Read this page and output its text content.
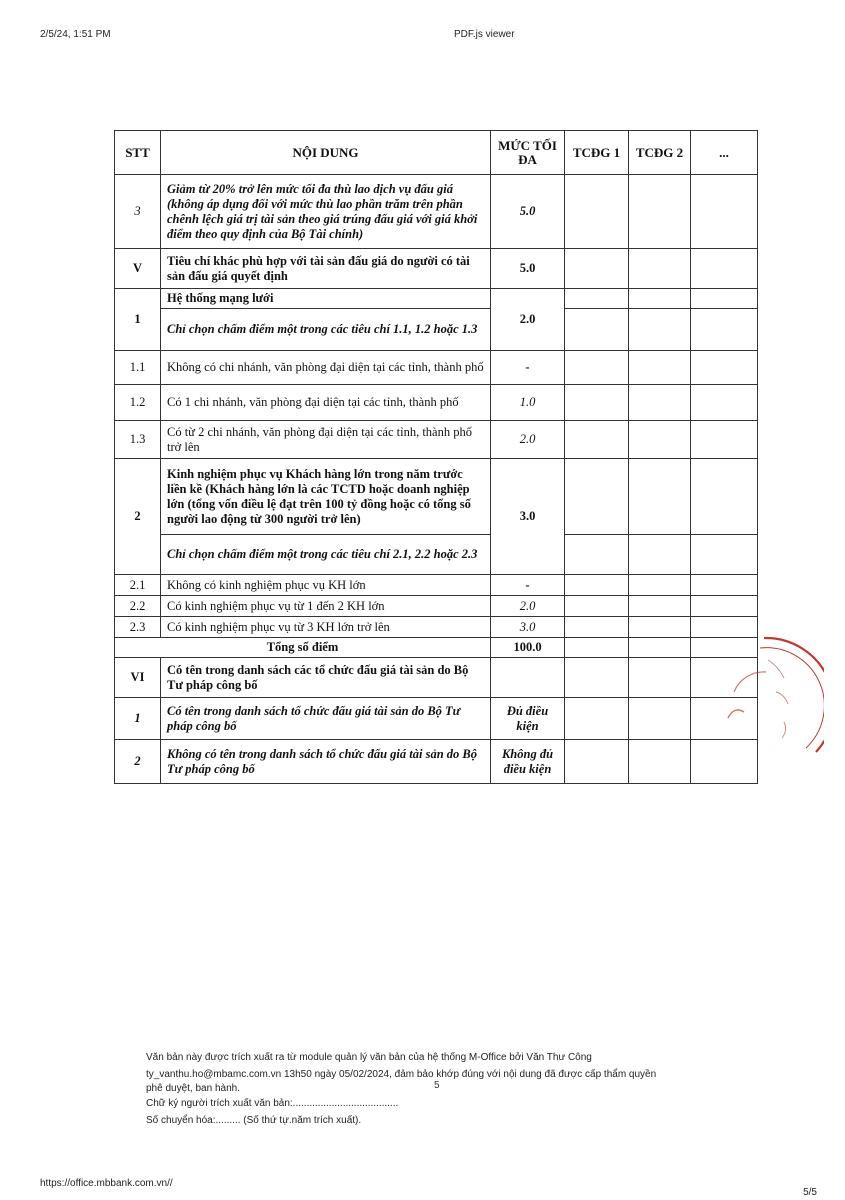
2/5/24, 1:51 PM	PDF.js viewer
STT	NỘI DUNG	MỨC TỐI ĐA	TCĐG 1	TCĐG 2	...
3	Giảm từ 20% trở lên mức tối đa thù lao dịch vụ đấu giá (không áp dụng đối với mức thù lao phần trăm trên phần chênh lệch giá trị tài sản theo giá trúng đấu giá với giá khởi điểm theo quy định của Bộ Tài chính)	5.0			
V	Tiêu chí khác phù hợp với tài sản đấu giá do người có tài sản đấu giá quyết định	5.0			
1	Hệ thống mạng lưới	2.0			
	Chỉ chọn chấm điểm một trong các tiêu chí 1.1, 1.2 hoặc 1.3				
1.1	Không có chi nhánh, văn phòng đại diện tại các tỉnh, thành phố	-			
1.2	Có 1 chi nhánh, văn phòng đại diện tại các tỉnh, thành phố	1.0			
1.3	Có từ 2 chi nhánh, văn phòng đại diện tại các tỉnh, thành phố trở lên	2.0			
2	Kinh nghiệm phục vụ Khách hàng lớn trong năm trước liền kề (Khách hàng lớn là các TCTD hoặc doanh nghiệp lớn (tổng vốn điều lệ đạt trên 100 tỷ đồng hoặc có tổng số người lao động từ 300 người trở lên)	3.0			
	Chỉ chọn chấm điểm một trong các tiêu chí 2.1, 2.2 hoặc 2.3				
2.1	Không có kinh nghiệm phục vụ KH lớn	-			
2.2	Có kinh nghiệm phục vụ từ 1 đến 2 KH lớn	2.0			
2.3	Có kinh nghiệm phục vụ từ 3 KH lớn trở lên	3.0			
Tổng số điểm		100.0			
VI	Có tên trong danh sách các tổ chức đấu giá tài sản do Bộ Tư pháp công bố				
1	Có tên trong danh sách tổ chức đấu giá tài sản do Bộ Tư pháp công bố	Đủ điều kiện			
2	Không có tên trong danh sách tổ chức đấu giá tài sản do Bộ Tư pháp công bố	Không đủ điều kiện			
5
Văn bản này được trích xuất ra từ module quản lý văn bản của hệ thống M-Office bởi Văn Thư Công
ty_vanthu.ho@mbamc.com.vn 13h50 ngày 05/02/2024, đảm bảo khớp đúng với nội dung đã được cấp thẩm quyền
phê duyệt, ban hành.
Chữ ký người trích xuất văn bản:......................................
Số chuyển hóa:......... (Số thứ tự.năm trích xuất).
https://office.mbbank.com.vn//
5/5
